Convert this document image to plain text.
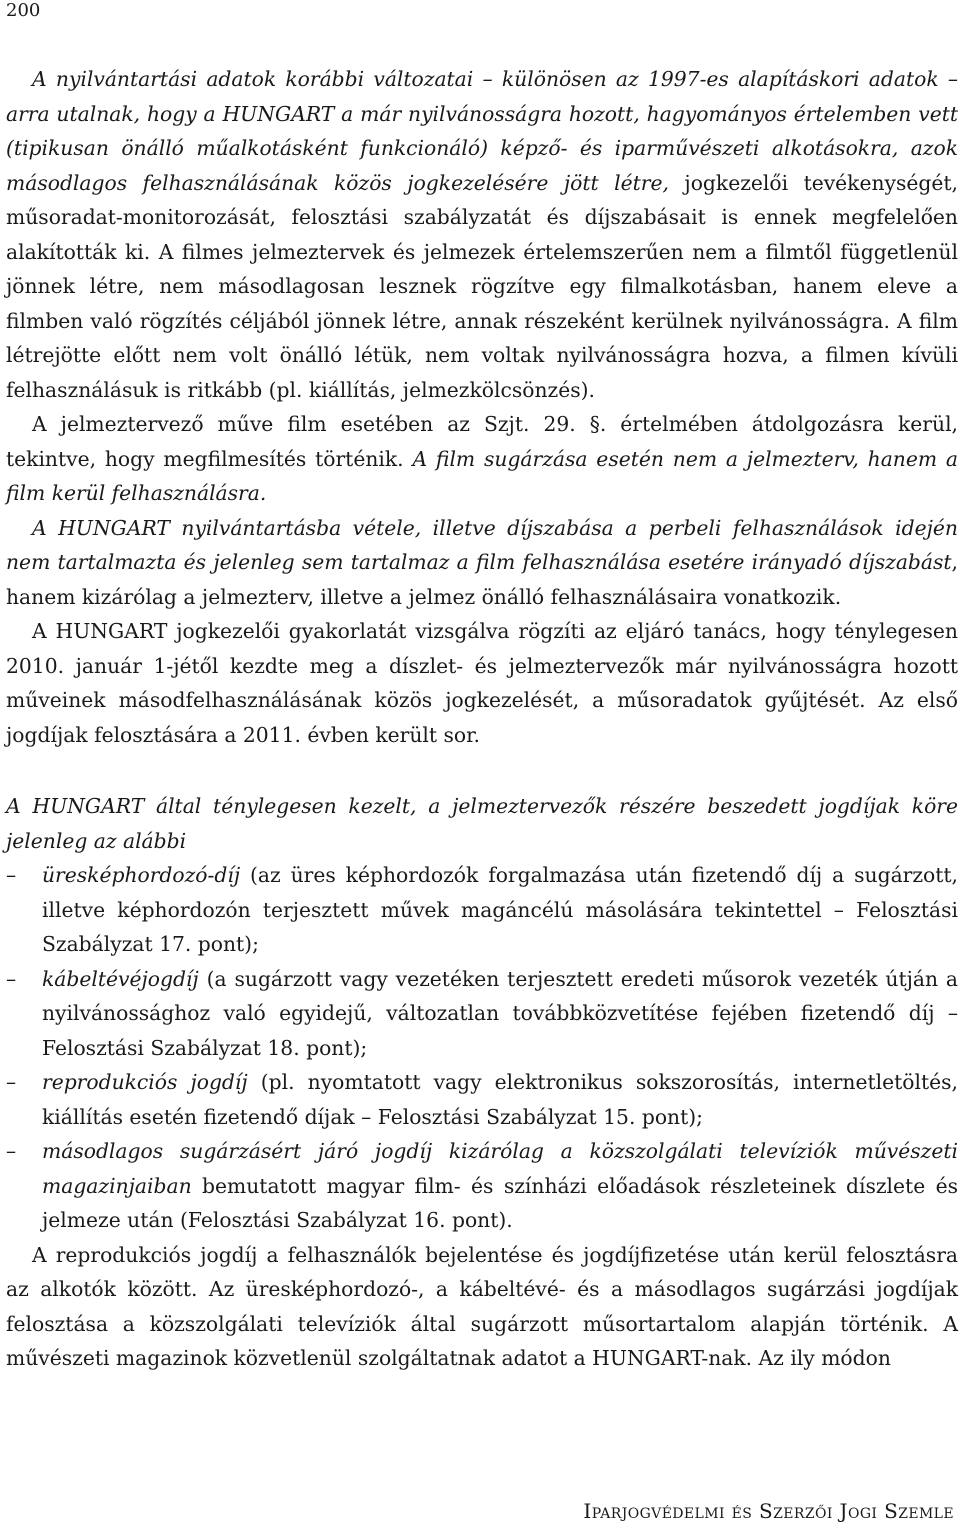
200

A nyilvántartási adatok korábbi változatai – különösen az 1997-es alapításkori adatok – arra utalnak, hogy a HUNGART a már nyilvánosságra hozott, hagyományos értelemben vett (tipikusan önálló műalkotásként funkcionáló) képző- és iparművészeti alkotásokra, azok másodlagos felhasználásának közös jogkezelésére jött létre, jogkezelői tevékenységét, műsoradat-monitorozását, felosztási szabályzatát és díjszabásait is ennek megfelelően alakították ki. A filmes jelmeztervek és jelmezek értelemszerűen nem a filmtől függetlenül jönnek létre, nem másodlagosan lesznek rögzítve egy filmalkotásban, hanem eleve a filmben való rögzítés céljából jönnek létre, annak részeként kerülnek nyilvánosságra. A film létrejötte előtt nem volt önálló létük, nem voltak nyilvánosságra hozva, a filmen kívüli felhasználásuk is ritkább (pl. kiállítás, jelmezkölcsönzés).

A jelmeztervező műve film esetében az Szjt. 29. §. értelmében átdolgozásra kerül, tekintve, hogy megfilmesítés történik. A film sugárzása esetén nem a jelmezterv, hanem a film kerül felhasználásra.

A HUNGART nyilvántartásba vétele, illetve díjszabása a perbeli felhasználások idején nem tartalmazta és jelenleg sem tartalmaz a film felhasználása esetére irányadó díjszabást, hanem kizárólag a jelmezterv, illetve a jelmez önálló felhasználásaira vonatkozik.

A HUNGART jogkezelői gyakorlatát vizsgálva rögzíti az eljáró tanács, hogy ténylegesen 2010. január 1-jétől kezdte meg a díszlet- és jelmeztervezők már nyilvánosságra hozott műveinek másodfelhasználásának közös jogkezelését, a műsoradatok gyűjtését. Az első jogdíjak felosztására a 2011. évben került sor.

A HUNGART által ténylegesen kezelt, a jelmeztervezők részére beszedett jogdíjak köre jelenleg az alábbi

– üresképhordozó-díj (az üres képhordozók forgalmazása után fizetendő díj a sugárzott, illetve képhordozón terjesztett művek magáncélú másolására tekintettel – Felosztási Szabályzat 17. pont);
– kábeltévéjogdíj (a sugárzott vagy vezetéken terjesztett eredeti műsorok vezeték útján a nyilvánossághoz való egyidejű, változatlan továbbközvetítése fejében fizetendő díj – Felosztási Szabályzat 18. pont);
– reprodukciós jogdíj (pl. nyomtatott vagy elektronikus sokszorosítás, internetletöltés, kiállítás esetén fizetendő díjak – Felosztási Szabályzat 15. pont);
– másodlagos sugárzásért járó jogdíj kizárólag a közszolgálati televíziók művészeti magazinjaiban bemutatott magyar film- és színházi előadások részleteinek díszlete és jelmeze után (Felosztási Szabályzat 16. pont).

A reprodukciós jogdíj a felhasználók bejelentése és jogdíjfizetése után kerül felosztásra az alkotók között. Az üresképhordozó-, a kábeltévé- és a másodlagos sugárzási jogdíjak felosztása a közszolgálati televíziók által sugárzott műsortartalom alapján történik. A művészeti magazinok közvetlenül szolgáltatnak adatot a HUNGART-nak. Az ily módon

Iparjogvédelmi és Szerzői Jogi Szemle
